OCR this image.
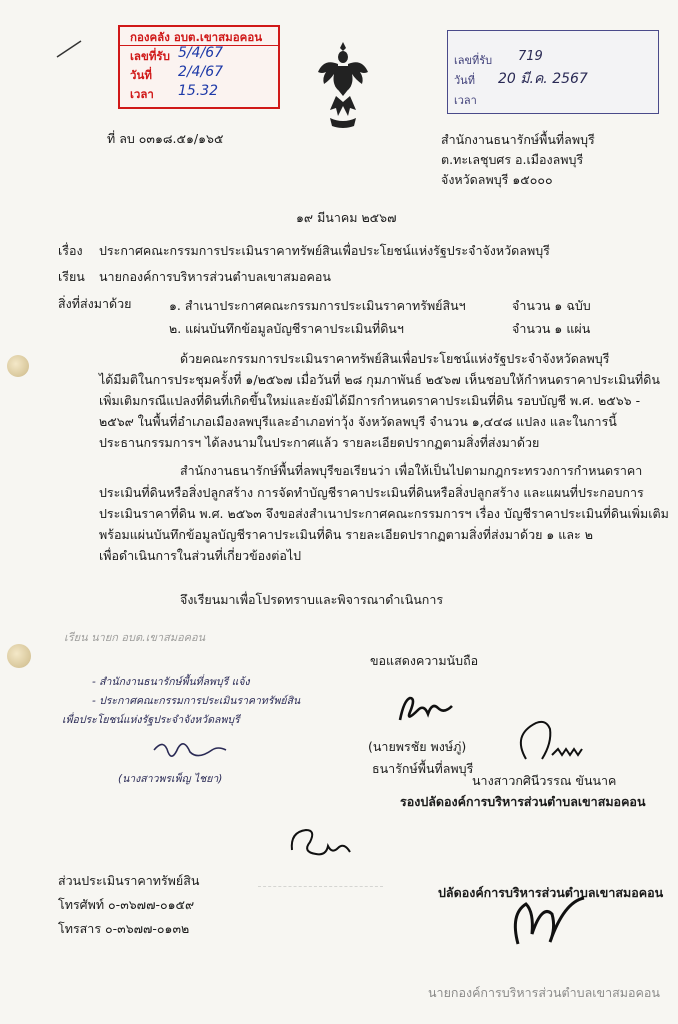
กองคลัง อบต.เขาสมอคอน
เลขที่รับ 5/4/67
วันที่ 2/4/67
เวลา 15.32
เลขที่รับ 719
วันที่ 20 มี.ค. 2567
เวลา
ที่ ลบ ๐๓๑๘.๕๑/๑๖๕	สำนักงานธนารักษ์พื้นที่ลพบุรี
ต.ทะเลชุบศร อ.เมืองลพบุรี
จังหวัดลพบุรี ๑๕๐๐๐
๑๙ มีนาคม ๒๕๖๗
เรื่อง ประกาศคณะกรรมการประเมินราคาทรัพย์สินเพื่อประโยชน์แห่งรัฐประจำจังหวัดลพบุรี
เรียน นายกองค์การบริหารส่วนตำบลเขาสมอคอน
สิ่งที่ส่งมาด้วย	๑. สำเนาประกาศคณะกรรมการประเมินราคาทรัพย์สินฯ	จำนวน ๑ ฉบับ
๒. แผ่นบันทึกข้อมูลบัญชีราคาประเมินที่ดินฯ	จำนวน ๑ แผ่น
ด้วยคณะกรรมการประเมินราคาทรัพย์สินเพื่อประโยชน์แห่งรัฐประจำจังหวัดลพบุรี
ได้มีมติในการประชุมครั้งที่ ๑/๒๕๖๗ เมื่อวันที่ ๒๘ กุมภาพันธ์ ๒๕๖๗ เห็นชอบให้กำหนดราคาประเมินที่ดิน
เพิ่มเติมกรณีแปลงที่ดินที่เกิดขึ้นใหม่และยังมิได้มีการกำหนดราคาประเมินที่ดิน รอบบัญชี พ.ศ. ๒๕๖๖ -
๒๕๖๙ ในพื้นที่อำเภอเมืองลพบุรีและอำเภอท่าวุ้ง จังหวัดลพบุรี จำนวน ๑,๔๔๘ แปลง และในการนี้
ประธานกรรมการฯ ได้ลงนามในประกาศแล้ว รายละเอียดปรากฏตามสิ่งที่ส่งมาด้วย
สำนักงานธนารักษ์พื้นที่ลพบุรีขอเรียนว่า เพื่อให้เป็นไปตามกฎกระทรวงการกำหนดราคา
ประเมินที่ดินหรือสิ่งปลูกสร้าง การจัดทำบัญชีราคาประเมินที่ดินหรือสิ่งปลูกสร้าง และแผนที่ประกอบการ
ประเมินราคาที่ดิน พ.ศ. ๒๕๖๓ จึงขอส่งสำเนาประกาศคณะกรรมการฯ เรื่อง บัญชีราคาประเมินที่ดินเพิ่มเติม
พร้อมแผ่นบันทึกข้อมูลบัญชีราคาประเมินที่ดิน รายละเอียดปรากฏตามสิ่งที่ส่งมาด้วย ๑ และ ๒
เพื่อดำเนินการในส่วนที่เกี่ยวข้องต่อไป
จึงเรียนมาเพื่อโปรดทราบและพิจารณาดำเนินการ
ขอแสดงความนับถือ
เรียน นายก อบต.เขาสมอคอน
- สำนักงานธนารักษ์พื้นที่ลพบุรี แจ้ง
- ประกาศคณะกรรมการประเมินราคาทรัพย์สิน
เพื่อประโยชน์แห่งรัฐประจำจังหวัดลพบุรี
(นางสาวพรเพ็ญ ไชยา)
(นายพรชัย พงษ์ภู่)
ธนารักษ์พื้นที่ลพบุรี
นางสาวกศินีวรรณ ขันนาค
รองปลัดองค์การบริหารส่วนตำบลเขาสมอคอน
ปลัดองค์การบริหารส่วนตำบลเขาสมอคอน
นายกองค์การบริหารส่วนตำบลเขาสมอคอน
ส่วนประเมินราคาทรัพย์สิน
โทรศัพท์ ๐-๓๖๗๗-๐๑๕๙
โทรสาร ๐-๓๖๗๗-๐๑๓๒
